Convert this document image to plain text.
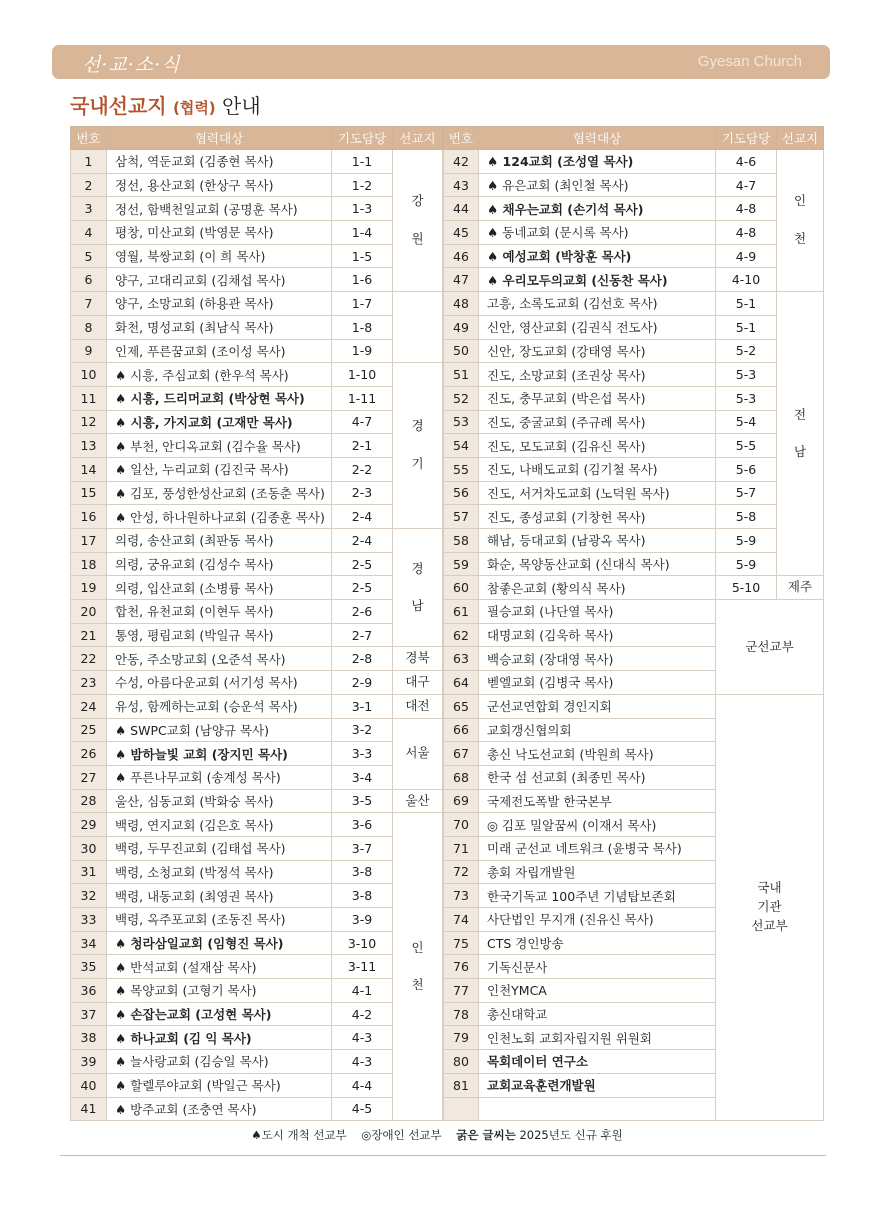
선·교·소·식	Gyesan Church
국내선교지 (협력) 안내
번호	협력대상	기도담당	선교지
1	삼척, 역둔교회 (김종현 목사)	1-1	강

원
2	정선, 용산교회 (한상구 목사)	1-2	
3	정선, 함백천일교회 (공명훈 목사)	1-3	
4	평창, 미산교회 (박영문 목사)	1-4	
5	영월, 북쌍교회 (이 희 목사)	1-5	
6	양구, 고대리교회 (김채섭 목사)	1-6	
7	양구, 소망교회 (하용관 목사)	1-7	
8	화천, 명성교회 (최남식 목사)	1-8	
9	인제, 푸른꿈교회 (조이성 목사)	1-9	
10	♠ 시흥, 주심교회 (한우석 목사)	1-10	경

기
11	♠ 시흥, 드리머교회 (박상현 목사)	1-11	
12	♠ 시흥, 가지교회 (고재만 목사)	4-7	
13	♠ 부천, 안디옥교회 (김수율 목사)	2-1	
14	♠ 일산, 누리교회 (김진국 목사)	2-2	
15	♠ 김포, 풍성한성산교회 (조동춘 목사)	2-3	
16	♠ 안성, 하나원하나교회 (김종훈 목사)	2-4	
17	의령, 송산교회 (최판동 목사)	2-4	경

남
18	의령, 궁유교회 (김성수 목사)	2-5	
19	의령, 입산교회 (소병륭 목사)	2-5	
20	합천, 유천교회 (이현두 목사)	2-6	
21	통영, 평림교회 (박일규 목사)	2-7	
22	안동, 주소망교회 (오준석 목사)	2-8	경북
23	수성, 아름다운교회 (서기성 목사)	2-9	대구
24	유성, 함께하는교회 (승운석 목사)	3-1	대전
25	♠ SWPC교회 (남양규 목사)	3-2	서울
26	♠ 밤하늘빛 교회 (장지민 목사)	3-3	
27	♠ 푸른나무교회 (송계성 목사)	3-4	
28	울산, 심동교회 (박화숭 목사)	3-5	울산
29	백령, 연지교회 (김은호 목사)	3-6	인

천
30	백령, 두무진교회 (김태섭 목사)	3-7	
31	백령, 소청교회 (박정석 목사)	3-8	
32	백령, 내동교회 (최영권 목사)	3-8	
33	백령, 옥주포교회 (조동진 목사)	3-9	
34	♠ 청라삼일교회 (임형진 목사)	3-10	
35	♠ 반석교회 (설재삼 목사)	3-11	
36	♠ 목양교회 (고형기 목사)	4-1	
37	♠ 손잡는교회 (고성현 목사)	4-2	
38	♠ 하나교회 (김 익 목사)	4-3	
39	♠ 늘사랑교회 (김승일 목사)	4-3	
40	♠ 할렐루야교회 (박일근 목사)	4-4	
41	♠ 방주교회 (조충연 목사)	4-5	
번호	협력대상	기도담당	선교지
42	♠ 124교회 (조성열 목사)	4-6	인

천
43	♠ 유은교회 (최인철 목사)	4-7	
44	♠ 채우는교회 (손기석 목사)	4-8	
45	♠ 동네교회 (문시록 목사)	4-8	
46	♠ 예성교회 (박창훈 목사)	4-9	
47	♠ 우리모두의교회 (신동찬 목사)	4-10	
48	고흥, 소록도교회 (김선호 목사)	5-1	전

남
49	신안, 영산교회 (김권식 전도사)	5-1	
50	신안, 장도교회 (강태영 목사)	5-2	
51	진도, 소망교회 (조권상 목사)	5-3	
52	진도, 충무교회 (박은섭 목사)	5-3	
53	진도, 중굴교회 (주규례 목사)	5-4	
54	진도, 모도교회 (김유신 목사)	5-5	
55	진도, 나배도교회 (김기철 목사)	5-6	
56	진도, 서거차도교회 (노덕원 목사)	5-7	
57	진도, 종성교회 (기창헌 목사)	5-8	
58	해남, 등대교회 (남광옥 목사)	5-9	
59	화순, 목양동산교회 (신대식 목사)	5-9	
60	참좋은교회 (황의식 목사)	5-10	제주
61	필승교회 (나단열 목사)	군선교부	
62	대명교회 (김욱하 목사)		
63	백승교회 (장대영 목사)		
64	벧엘교회 (김병국 목사)		
65	군선교연합회 경인지회	국내
기관
선교부	
66	교회갱신협의회		
67	총신 낙도선교회 (박원희 목사)		
68	한국 섬 선교회 (최종민 목사)		
69	국제전도폭발 한국본부		
70	◎ 김포 밀알꿈씨 (이재서 목사)		
71	미래 군선교 네트워크 (윤병국 목사)		
72	총회 자립개발원		
73	한국기독교 100주년 기념탑보존회		
74	사단법인 무지개 (진유신 목사)		
75	CTS 경인방송		
76	기독신문사		
77	인천YMCA		
78	총신대학교		
79	인천노회 교회자립지원 위원회		
80	목회데이터 연구소		
81	교회교육훈련개발원		

♠도시 개척 선교부 ◎장애인 선교부 굵은 글씨는 2025년도 신규 후원
